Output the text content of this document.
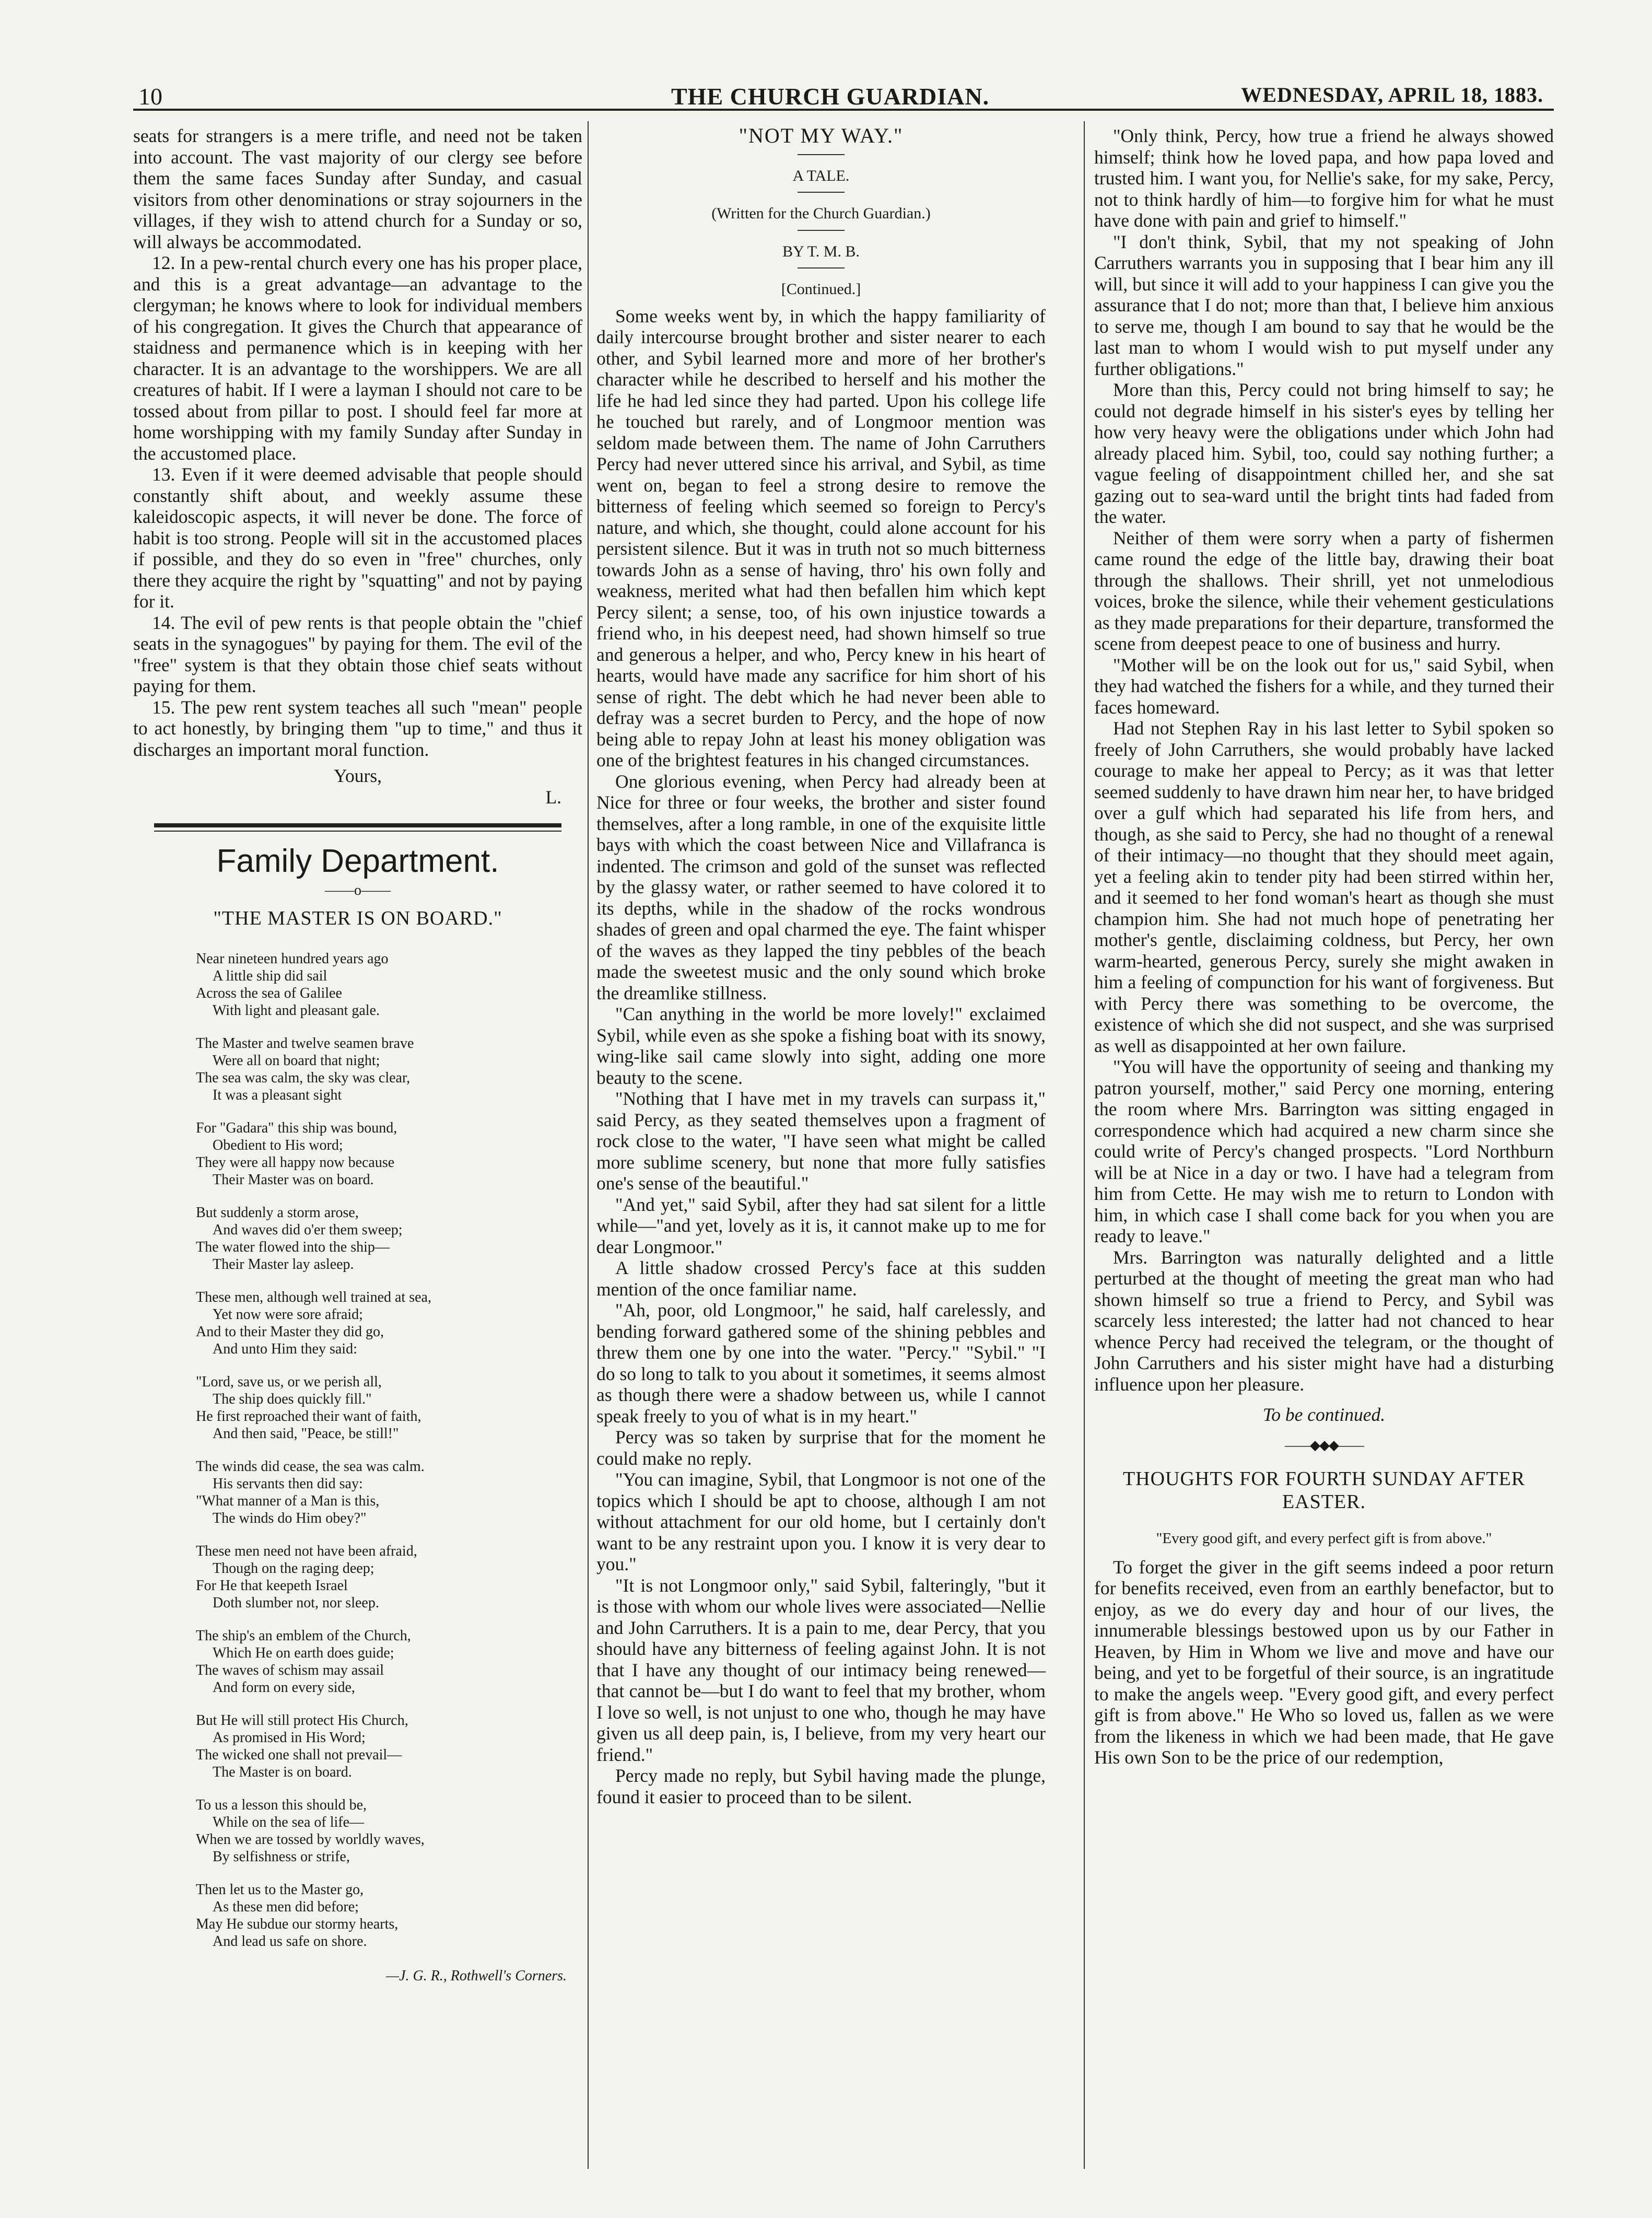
10	THE CHURCH GUARDIAN.	WEDNESDAY, APRIL 18, 1883.

seats for strangers is a mere trifle, and need not be taken into account. The vast majority of our clergy see before them the same faces Sunday after Sunday, and casual visitors from other denominations or stray sojourners in the villages, if they wish to attend church for a Sunday or so, will always be accommodated.

12. In a pew-rental church every one has his proper place, and this is a great advantage—an advantage to the clergyman; he knows where to look for individual members of his congregation. It gives the Church that appearance of staidness and permanence which is in keeping with her character. It is an advantage to the worshippers. We are all creatures of habit. If I were a layman I should not care to be tossed about from pillar to post. I should feel far more at home worshipping with my family Sunday after Sunday in the accustomed place.

13. Even if it were deemed advisable that people should constantly shift about, and weekly assume these kaleidoscopic aspects, it will never be done. The force of habit is too strong. People will sit in the accustomed places if possible, and they do so even in "free" churches, only there they acquire the right by "squatting" and not by paying for it.

14. The evil of pew rents is that people obtain the "chief seats in the synagogues" by paying for them. The evil of the "free" system is that they obtain those chief seats without paying for them.

15. The pew rent system teaches all such "mean" people to act honestly, by bringing them "up to time," and thus it discharges an important moral function.

Yours,

L.

Family Department.
——o——
"THE MASTER IS ON BOARD."
Near nineteen hundred years ago
A little ship did sail
Across the sea of Galilee
With light and pleasant gale.
The Master and twelve seamen brave
Were all on board that night;
The sea was calm, the sky was clear,
It was a pleasant sight
For "Gadara" this ship was bound,
Obedient to His word;
They were all happy now because
Their Master was on board.
But suddenly a storm arose,
And waves did o'er them sweep;
The water flowed into the ship—
Their Master lay asleep.
These men, although well trained at sea,
Yet now were sore afraid;
And to their Master they did go,
And unto Him they said:
"Lord, save us, or we perish all,
The ship does quickly fill."
He first reproached their want of faith,
And then said, "Peace, be still!"
The winds did cease, the sea was calm.
His servants then did say:
"What manner of a Man is this,
The winds do Him obey?"
These men need not have been afraid,
Though on the raging deep;
For He that keepeth Israel
Doth slumber not, nor sleep.
The ship's an emblem of the Church,
Which He on earth does guide;
The waves of schism may assail
And form on every side,
But He will still protect His Church,
As promised in His Word;
The wicked one shall not prevail—
The Master is on board.
To us a lesson this should be,
While on the sea of life—
When we are tossed by worldly waves,
By selfishness or strife,
Then let us to the Master go,
As these men did before;
May He subdue our stormy hearts,
And lead us safe on shore.
—J. G. R., Rothwell's Corners.

"NOT MY WAY."

A TALE.

(Written for the Church Guardian.)

BY T. M. B.

[Continued.]

Some weeks went by, in which the happy familiarity of daily intercourse brought brother and sister nearer to each other, and Sybil learned more and more of her brother's character while he described to herself and his mother the life he had led since they had parted. Upon his college life he touched but rarely, and of Longmoor mention was seldom made between them. The name of John Carruthers Percy had never uttered since his arrival, and Sybil, as time went on, began to feel a strong desire to remove the bitterness of feeling which seemed so foreign to Percy's nature, and which, she thought, could alone account for his persistent silence. But it was in truth not so much bitterness towards John as a sense of having, thro' his own folly and weakness, merited what had then befallen him which kept Percy silent; a sense, too, of his own injustice towards a friend who, in his deepest need, had shown himself so true and generous a helper, and who, Percy knew in his heart of hearts, would have made any sacrifice for him short of his sense of right. The debt which he had never been able to defray was a secret burden to Percy, and the hope of now being able to repay John at least his money obligation was one of the brightest features in his changed circumstances.

One glorious evening, when Percy had already been at Nice for three or four weeks, the brother and sister found themselves, after a long ramble, in one of the exquisite little bays with which the coast between Nice and Villafranca is indented. The crimson and gold of the sunset was reflected by the glassy water, or rather seemed to have colored it to its depths, while in the shadow of the rocks wondrous shades of green and opal charmed the eye. The faint whisper of the waves as they lapped the tiny pebbles of the beach made the sweetest music and the only sound which broke the dreamlike stillness.

"Can anything in the world be more lovely!" exclaimed Sybil, while even as she spoke a fishing boat with its snowy, wing-like sail came slowly into sight, adding one more beauty to the scene.

"Nothing that I have met in my travels can surpass it," said Percy, as they seated themselves upon a fragment of rock close to the water, "I have seen what might be called more sublime scenery, but none that more fully satisfies one's sense of the beautiful."

"And yet," said Sybil, after they had sat silent for a little while—"and yet, lovely as it is, it cannot make up to me for dear Longmoor."

A little shadow crossed Percy's face at this sudden mention of the once familiar name.

"Ah, poor, old Longmoor," he said, half carelessly, and bending forward gathered some of the shining pebbles and threw them one by one into the water. "Percy." "Sybil." "I do so long to talk to you about it sometimes, it seems almost as though there were a shadow between us, while I cannot speak freely to you of what is in my heart."

Percy was so taken by surprise that for the moment he could make no reply.

"You can imagine, Sybil, that Longmoor is not one of the topics which I should be apt to choose, although I am not without attachment for our old home, but I certainly don't want to be any restraint upon you. I know it is very dear to you."

"It is not Longmoor only," said Sybil, falteringly, "but it is those with whom our whole lives were associated—Nellie and John Carruthers. It is a pain to me, dear Percy, that you should have any bitterness of feeling against John. It is not that I have any thought of our intimacy being renewed—that cannot be—but I do want to feel that my brother, whom I love so well, is not unjust to one who, though he may have given us all deep pain, is, I believe, from my very heart our friend."

Percy made no reply, but Sybil having made the plunge, found it easier to proceed than to be silent.

"Only think, Percy, how true a friend he always showed himself; think how he loved papa, and how papa loved and trusted him. I want you, for Nellie's sake, for my sake, Percy, not to think hardly of him—to forgive him for what he must have done with pain and grief to himself."

"I don't think, Sybil, that my not speaking of John Carruthers warrants you in supposing that I bear him any ill will, but since it will add to your happiness I can give you the assurance that I do not; more than that, I believe him anxious to serve me, though I am bound to say that he would be the last man to whom I would wish to put myself under any further obligations."

More than this, Percy could not bring himself to say; he could not degrade himself in his sister's eyes by telling her how very heavy were the obligations under which John had already placed him. Sybil, too, could say nothing further; a vague feeling of disappointment chilled her, and she sat gazing out to sea-ward until the bright tints had faded from the water.

Neither of them were sorry when a party of fishermen came round the edge of the little bay, drawing their boat through the shallows. Their shrill, yet not unmelodious voices, broke the silence, while their vehement gesticulations as they made preparations for their departure, transformed the scene from deepest peace to one of business and hurry.

"Mother will be on the look out for us," said Sybil, when they had watched the fishers for a while, and they turned their faces homeward.

Had not Stephen Ray in his last letter to Sybil spoken so freely of John Carruthers, she would probably have lacked courage to make her appeal to Percy; as it was that letter seemed suddenly to have drawn him near her, to have bridged over a gulf which had separated his life from hers, and though, as she said to Percy, she had no thought of a renewal of their intimacy—no thought that they should meet again, yet a feeling akin to tender pity had been stirred within her, and it seemed to her fond woman's heart as though she must champion him. She had not much hope of penetrating her mother's gentle, disclaiming coldness, but Percy, her own warm-hearted, generous Percy, surely she might awaken in him a feeling of compunction for his want of forgiveness. But with Percy there was something to be overcome, the existence of which she did not suspect, and she was surprised as well as disappointed at her own failure.

"You will have the opportunity of seeing and thanking my patron yourself, mother," said Percy one morning, entering the room where Mrs. Barrington was sitting engaged in correspondence which had acquired a new charm since she could write of Percy's changed prospects. "Lord Northburn will be at Nice in a day or two. I have had a telegram from him from Cette. He may wish me to return to London with him, in which case I shall come back for you when you are ready to leave."

Mrs. Barrington was naturally delighted and a little perturbed at the thought of meeting the great man who had shown himself so true a friend to Percy, and Sybil was scarcely less interested; the latter had not chanced to hear whence Percy had received the telegram, or the thought of John Carruthers and his sister might have had a disturbing influence upon her pleasure.

To be continued.

——◆◆◆——

THOUGHTS FOR FOURTH SUNDAY AFTER EASTER.

"Every good gift, and every perfect gift is from above."

To forget the giver in the gift seems indeed a poor return for benefits received, even from an earthly benefactor, but to enjoy, as we do every day and hour of our lives, the innumerable blessings bestowed upon us by our Father in Heaven, by Him in Whom we live and move and have our being, and yet to be forgetful of their source, is an ingratitude to make the angels weep. "Every good gift, and every perfect gift is from above." He Who so loved us, fallen as we were from the likeness in which we had been made, that He gave His own Son to be the price of our redemption,
